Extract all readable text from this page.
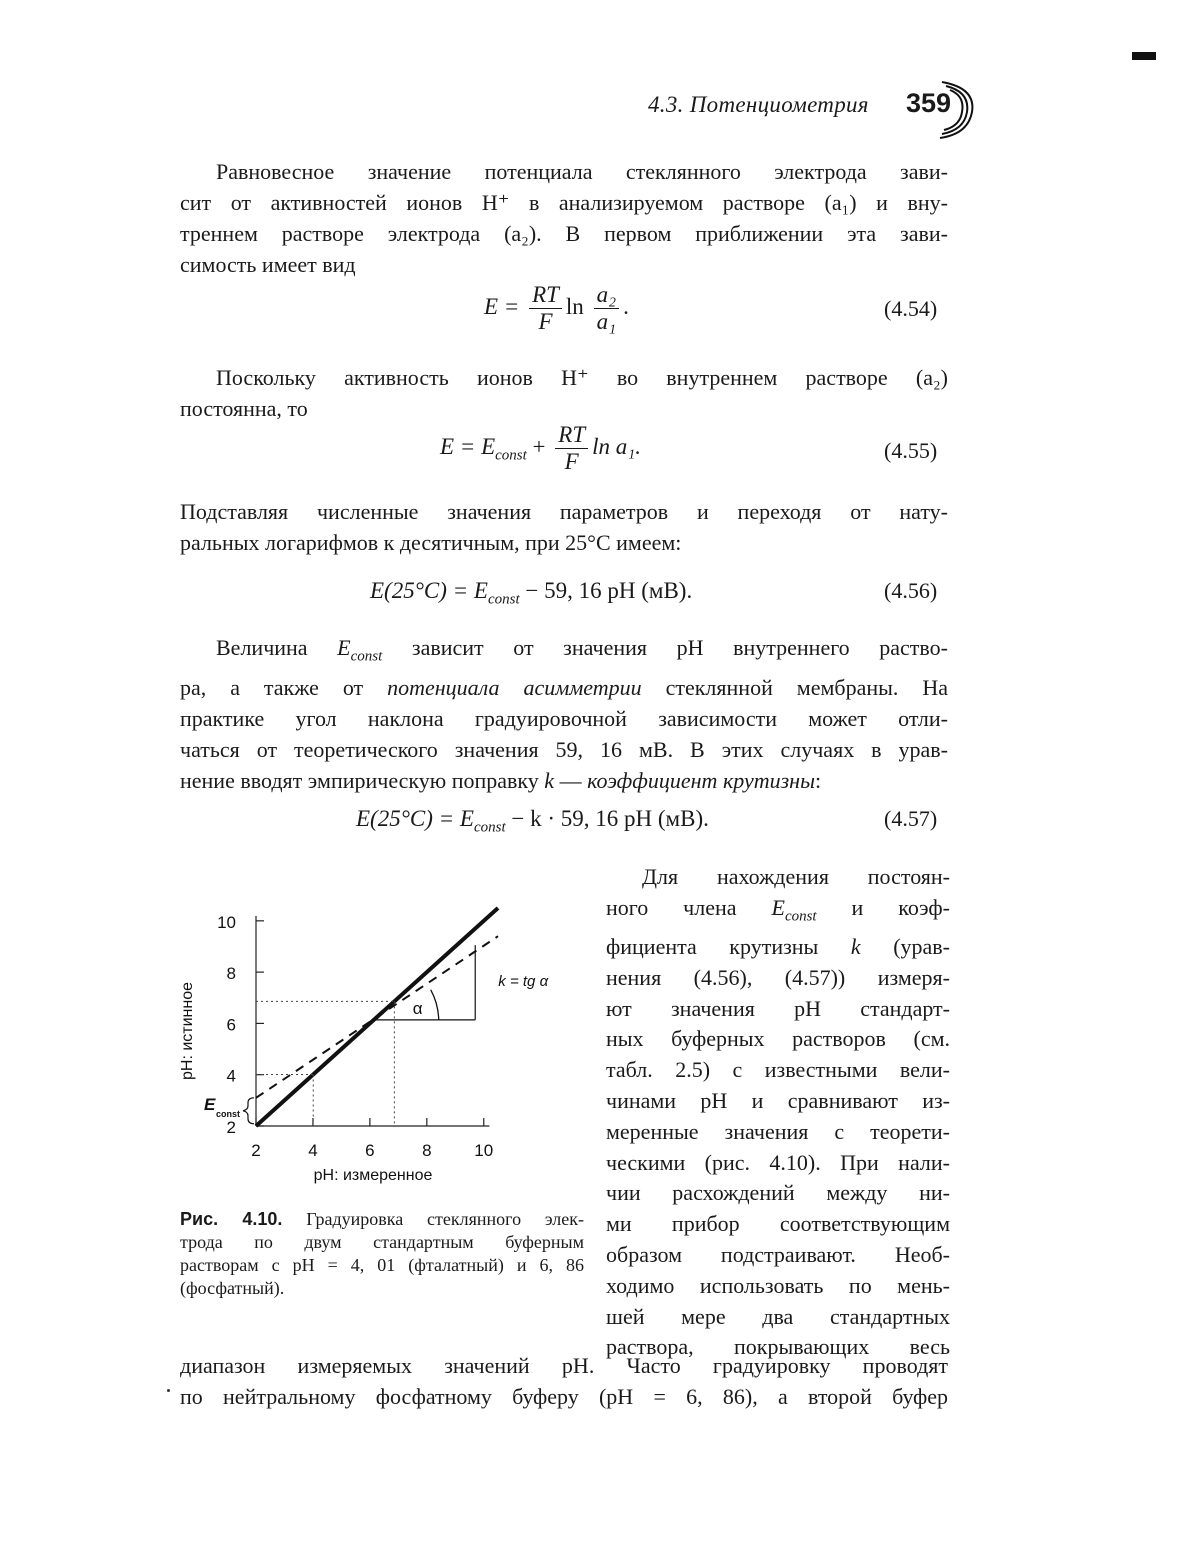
4.3. Потенциометрия 359
Равновесное значение потенциала стеклянного электрода зави-
сит от активностей ионов H⁺ в анализируемом растворе (a₁) и вну-
треннем растворе электрода (a₂). В первом приближении эта зави-
симость имеет вид
$E = \frac{RT}{F}$ $\ln \frac{\text{a₂}}{\text{a₁}}$ .	(4.54)
Поскольку активность ионов H⁺ во внутреннем растворе (a₂)
постоянна, то
$E = E_{const} + \frac{RT}{F}$ ln a₁.	(4.55)
Подставляя численные значения параметров и переходя от нату-
ральных логарифмов к десятичным, при 25°C имеем:
$E(25^\circ C) = E_{const} - 59$, 16 pH (мВ).	(4.56)
Величина $E_{const}$ зависит от значения pH внутреннего раство-
ра, а также от потенциала асимметрии стеклянной мембраны. На
практике угол наклона градуировочной зависимости может отли-
чаться от теоретического значения 59, 16 мВ. В этих случаях в урав-
нение вводят эмпирическую поправку k — коэффициент крутизны:
$E(25^\circ C) = E_{const} - k \cdot 59$, 16 pH (мВ).	(4.57)
2
4
6
8
10
2	4	6	8	10
pH: измеренное
pH: истинное	α
k = tg α
E const
Для нахождения постоян-
ного члена $E_{const}$ и коэф-
фициента крутизны k (урав-
нения (4.56), (4.57)) измеря-
ют значения pH стандарт-
ных буферных растворов (см.
табл. 2.5) с известными вели-
чинами pH и сравнивают из-
меренные значения с теорети-
ческими (рис. 4.10). При нали-
чии расхождений между ни-
ми прибор соответствующим
образом подстраивают. Необ-
ходимо использовать по мень-
шей мере два стандартных
раствора, покрывающих весь
Рис. 4.10. Градуировка стеклянного элек-
трода по двум стандартным буферным
растворам с pH = 4, 01 (фталатный) и 6, 86
(фосфатный).
диапазон измеряемых значений pH. Часто градуировку проводят
по нейтральному фосфатному буферу (pH = 6, 86), а второй буфер
